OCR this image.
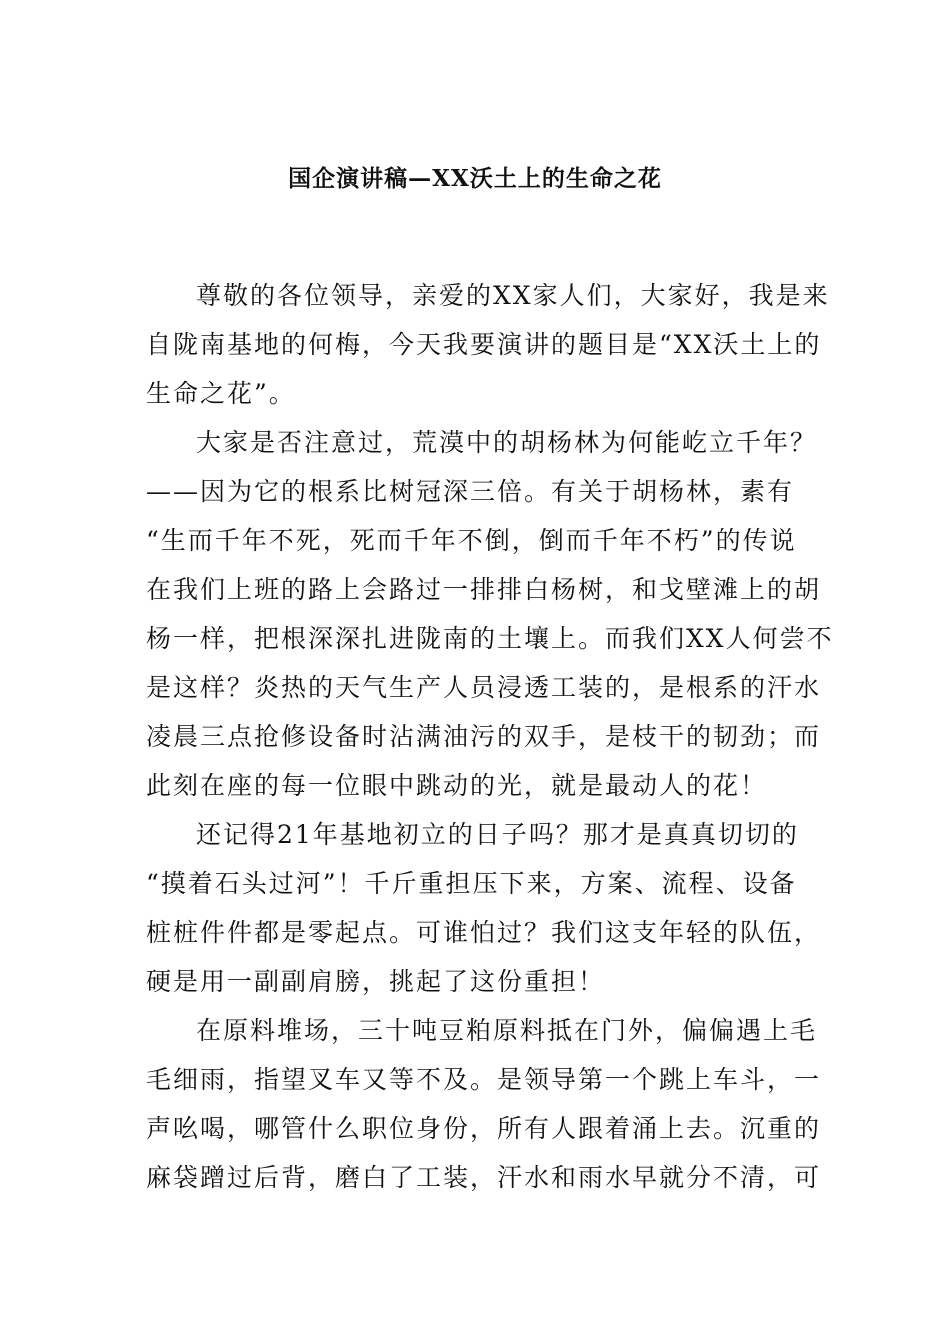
国企演讲稿—XX沃土上的生命之花

尊敬的各位领导，亲爱的XX家人们，大家好，我是来
自陇南基地的何梅，今天我要演讲的题目是“XX沃土上的
生命之花”。

大家是否注意过，荒漠中的胡杨林为何能屹立千年？
——因为它的根系比树冠深三倍。有关于胡杨林，素有
“生而千年不死，死而千年不倒，倒而千年不朽”的传说
在我们上班的路上会路过一排排白杨树，和戈壁滩上的胡
杨一样，把根深深扎进陇南的土壤上。而我们XX人何尝不
是这样？炎热的天气生产人员浸透工装的，是根系的汗水
凌晨三点抢修设备时沾满油污的双手，是枝干的韧劲；而
此刻在座的每一位眼中跳动的光，就是最动人的花！

还记得21年基地初立的日子吗？那才是真真切切的
“摸着石头过河”！千斤重担压下来，方案、流程、设备
桩桩件件都是零起点。可谁怕过？我们这支年轻的队伍，
硬是用一副副肩膀，挑起了这份重担！

在原料堆场，三十吨豆粕原料抵在门外，偏偏遇上毛
毛细雨，指望叉车又等不及。是领导第一个跳上车斗，一
声吆喝，哪管什么职位身份，所有人跟着涌上去。沉重的
麻袋蹭过后背，磨白了工装，汗水和雨水早就分不清，可
